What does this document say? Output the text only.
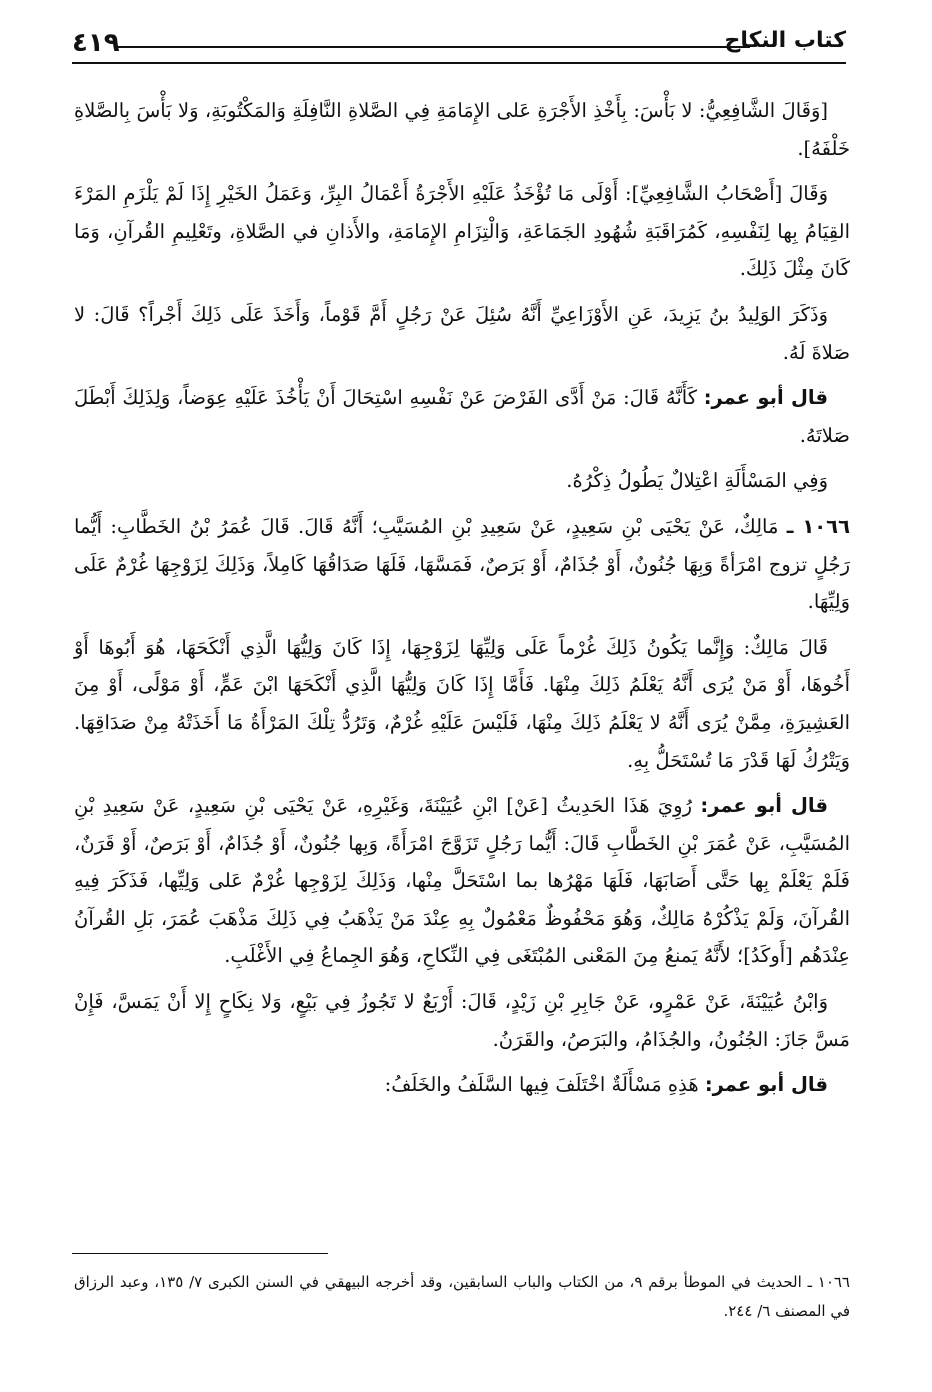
كتاب النكاح
٤١٩

[وَقَالَ الشَّافِعِيُّ: لا بَأْسَ: بِأَخْذِ الأَجْرَةِ عَلى الإِمَامَةِ فِي الصَّلاةِ النَّافِلَةِ وَالمَكْتُوبَةِ، وَلا بَأْسَ بِالصَّلاةِ خَلْفَهُ].

وَقَالَ [أَصْحَابُ الشَّافِعِيِّ]: أَوْلَى مَا تُؤْخَذُ عَلَيْهِ الأَجْرَةُ أَعْمَالُ البِرِّ، وَعَمَلُ الخَيْرِ إِذَا لَمْ يَلْزَمِ المَرْءَ القِيَامُ بِها لِنَفْسِهِ، كَمُرَاقَبَةِ شُهُودِ الجَمَاعَةِ، وَالْتِزَامِ الإِمَامَةِ، والأَذانِ في الصَّلاةِ، وتَعْلِيمِ القُرآنِ، وَمَا كَانَ مِثْلَ ذَلِكَ.

وَذَكَرَ الوَلِيدُ بنُ يَزِيدَ، عَنِ الأَوْزَاعِيِّ أَنَّهُ سُئِلَ عَنْ رَجُلٍ أَمَّ قَوْماً، وَأَخَذَ عَلَى ذَلِكَ أَجْراً؟ قَالَ: لا صَلاةَ لَهُ.

قال أبو عمر: كَأَنَّهُ قَالَ: مَنْ أَدَّى الفَرْضَ عَنْ نَفْسِهِ اسْتِحَالَ أَنْ يَأْخُذَ عَلَيْهِ عِوَضاً، وَلِذَلِكَ أَبْطَلَ صَلاتَهُ.

وَفِي المَسْأَلَةِ اعْتِلالٌ يَطُولُ ذِكْرُهُ.

١٠٦٦ ـ مَالِكٌ، عَنْ يَحْيَى بْنِ سَعِيدٍ، عَنْ سَعِيدِ بْنِ المُسَيَّبِ؛ أَنَّهُ قَالَ. قَالَ عُمَرُ بْنُ الخَطَّابِ: أَيُّما رَجُلٍ تزوج امْرَأةً وَبِهَا جُنُونٌ، أَوْ جُذَامٌ، أَوْ بَرَصٌ، فَمَسَّهَا، فَلَهَا صَدَاقُهَا كَامِلاً، وَذَلِكَ لِزَوْجِهَا غُرْمٌ عَلَى وَلِيِّهَا.

قَالَ مَالِكٌ: وَإِنَّما يَكُونُ ذَلِكَ غُرْماً عَلَى وَلِيِّهَا لِزَوْجِهَا، إِذَا كَانَ وَلِيُّهَا الَّذِي أَنْكَحَهَا، هُوَ أَبُوهَا أَوْ أَخُوهَا، أَوْ مَنْ يُرَى أَنَّهُ يَعْلَمُ ذَلِكَ مِنْهَا. فَأَمَّا إِذَا كَانَ وَلِيُّهَا الَّذِي أَنْكَحَهَا ابْنَ عَمٍّ، أَوْ مَوْلًى، أَوْ مِنَ العَشِيرَةِ، مِمَّنْ يُرَى أَنَّهُ لا يَعْلَمُ ذَلِكَ مِنْهَا، فَلَيْسَ عَلَيْهِ غُرْمٌ، وَتَرُدُّ تِلْكَ المَرْأَةُ مَا أَخَذَتْهُ مِنْ صَدَاقِهَا. وَيَتْرُكُ لَهَا قَدْرَ مَا تُسْتَحَلُّ بِهِ.

قال أبو عمر: رُوِيَ هَذَا الحَدِيثُ [عَنْ] ابْنِ عُيَيْنَةَ، وَغَيْرِهِ، عَنْ يَحْيَى بْنِ سَعِيدٍ، عَنْ سَعِيدِ بْنِ المُسَيَّبِ، عَنْ عُمَرَ بْنِ الخَطَّابِ قَالَ: أَيُّما رَجُلٍ تَزَوَّجَ امْرَأَةً، وَبِها جُنُونٌ، أَوْ جُذَامٌ، أَوْ بَرَصٌ، أَوْ قَرَنٌ، فَلَمْ يَعْلَمْ بِها حَتَّى أَصَابَهَا، فَلَهَا مَهْرُها بما اسْتَحَلَّ مِنْها، وَذَلِكَ لِزَوْجِها غُرْمٌ عَلى وَلِيِّها، فَذَكَرَ فِيهِ القُرآنَ، وَلَمْ يَذْكُرْهُ مَالِكٌ، وَهُوَ مَحْفُوظٌ مَعْمُولٌ بِهِ عِنْدَ مَنْ يَذْهَبُ فِي ذَلِكَ مَذْهَبَ عُمَرَ، بَلِ القُرآنُ عِنْدَهُم [أَوكَدُ]؛ لأَنَّهُ يَمنعُ مِنَ المَعْنى المُبْتَغَى فِي النِّكاحِ، وَهُوَ الجِماعُ فِي الأَغْلَبِ.

وَابْنُ عُيَيْنَةَ، عَنْ عَمْرٍو، عَنْ جَابِرِ بْنِ زَيْدٍ، قَالَ: أَرْبَعٌ لا تَجُوزُ فِي بَيْعٍ، وَلا نِكَاحٍ إِلا أَنْ يَمَسَّ، فَإِنْ مَسَّ جَازَ: الجُنُونُ، والجُذَامُ، والبَرَصُ، والقَرَنُ.

قال أبو عمر: هَذِهِ مَسْأَلَةٌ اخْتَلَفَ فِيها السَّلَفُ والخَلَفُ:

١٠٦٦ ـ الحديث في الموطأ برقم ٩، من الكتاب والباب السابقين، وقد أخرجه البيهقي في السنن الكبرى ٧/ ١٣٥، وعبد الرزاق في المصنف ٦/ ٢٤٤.
